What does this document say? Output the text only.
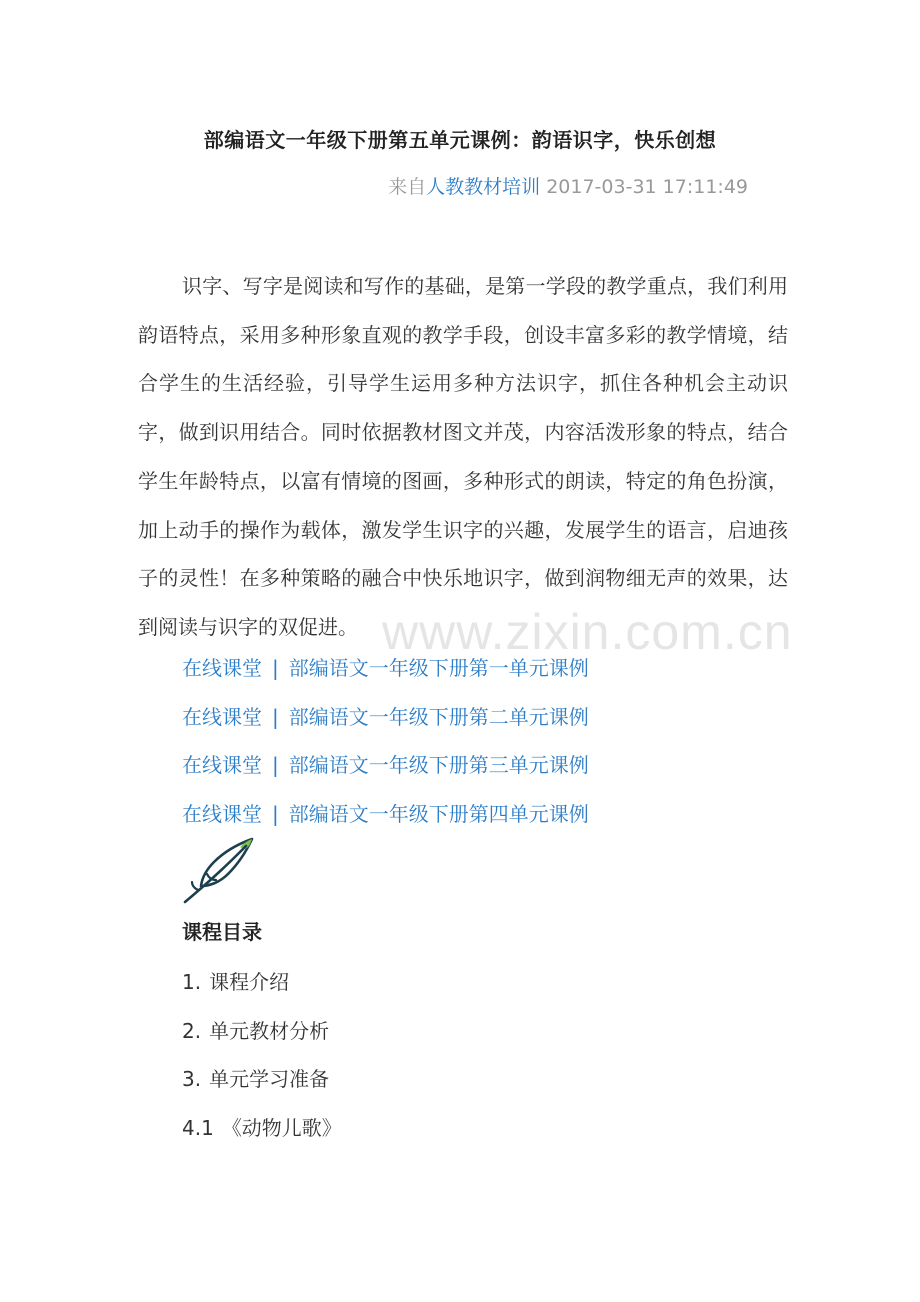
部编语文一年级下册第五单元课例：韵语识字，快乐创想
来自人教教材培训 2017-03-31 17:11:49

识字、写字是阅读和写作的基础，是第一学段的教学重点，我们利用韵语特点，采用多种形象直观的教学手段，创设丰富多彩的教学情境，结合学生的生活经验，引导学生运用多种方法识字，抓住各种机会主动识字，做到识用结合。同时依据教材图文并茂，内容活泼形象的特点，结合学生年龄特点，以富有情境的图画，多种形式的朗读，特定的角色扮演，加上动手的操作为载体，激发学生识字的兴趣，发展学生的语言，启迪孩子的灵性！在多种策略的融合中快乐地识字，做到润物细无声的效果，达到阅读与识字的双促进。 www.zixin.com.cn
在线课堂 | 部编语文一年级下册第一单元课例
在线课堂 | 部编语文一年级下册第二单元课例
在线课堂 | 部编语文一年级下册第三单元课例
在线课堂 | 部编语文一年级下册第四单元课例
课程目录
1. 课程介绍
2. 单元教材分析
3. 单元学习准备
4.1 《动物儿歌》
